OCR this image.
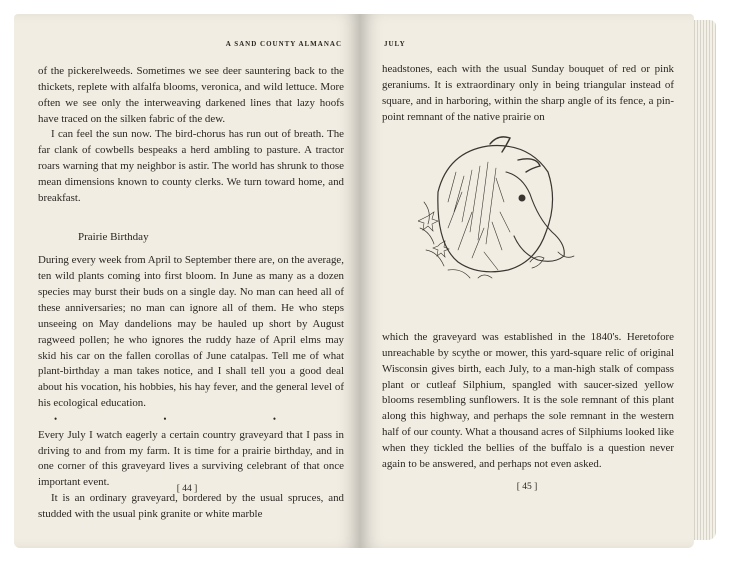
A SAND COUNTY ALMANAC

of the pickerelweeds. Sometimes we see deer sauntering back to the thickets, replete with alfalfa blooms, veronica, and wild lettuce. More often we see only the interweaving darkened lines that lazy hoofs have traced on the silken fabric of the dew.

I can feel the sun now. The bird-chorus has run out of breath. The far clank of cowbells bespeaks a herd ambling to pasture. A tractor roars warning that my neighbor is astir. The world has shrunk to those mean dimensions known to county clerks. We turn toward home, and breakfast.

Prairie Birthday

During every week from April to September there are, on the average, ten wild plants coming into first bloom. In June as many as a dozen species may burst their buds on a single day. No man can heed all of these anniversaries; no man can ignore all of them. He who steps unseeing on May dandelions may be hauled up short by August ragweed pollen; he who ignores the ruddy haze of April elms may skid his car on the fallen corollas of June catalpas. Tell me of what plant-birthday a man takes notice, and I shall tell you a good deal about his vocation, his hobbies, his hay fever, and the general level of his ecological education.

• • •

Every July I watch eagerly a certain country graveyard that I pass in driving to and from my farm. It is time for a prairie birthday, and in one corner of this graveyard lives a surviving celebrant of that once important event.

It is an ordinary graveyard, bordered by the usual spruces, and studded with the usual pink granite or white marble

[ 44 ]
JULY

headstones, each with the usual Sunday bouquet of red or pink geraniums. It is extraordinary only in being triangular instead of square, and in harboring, within the sharp angle of its fence, a pin-point remnant of the native prairie on

which the graveyard was established in the 1840's. Heretofore unreachable by scythe or mower, this yard-square relic of original Wisconsin gives birth, each July, to a man-high stalk of compass plant or cutleaf Silphium, spangled with saucer-sized yellow blooms resembling sunflowers. It is the sole remnant of this plant along this highway, and perhaps the sole remnant in the western half of our county. What a thousand acres of Silphiums looked like when they tickled the bellies of the buffalo is a question never again to be answered, and perhaps not even asked.

[ 45 ]
